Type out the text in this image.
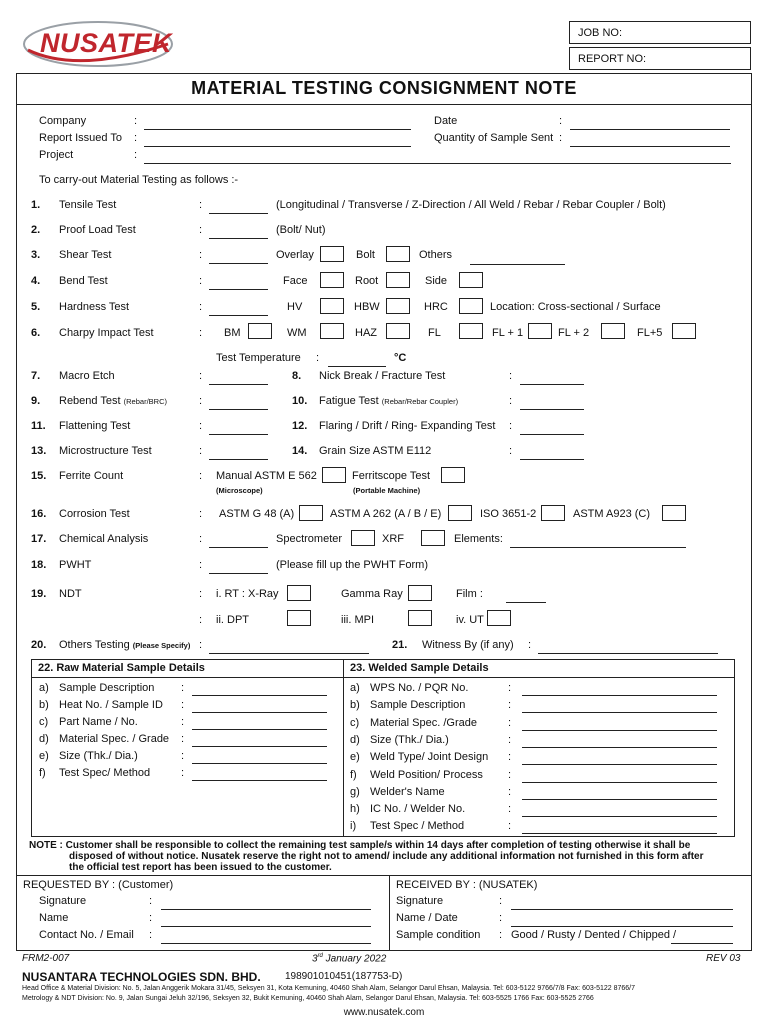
NUSATEK	JOB NO:
REPORT NO:
MATERIAL TESTING CONSIGNMENT NOTE
Company	:
Report Issued To :
Project	:
Date	:
Quantity of Sample Sent :
To carry-out Material Testing as follows :-
1. Tensile Test	:	(Longitudinal / Transverse / Z-Direction / All Weld / Rebar / Rebar Coupler / Bolt)
2. Proof Load Test	:	(Bolt/ Nut)
3. Shear Test	:	Overlay	Bolt	Others
4. Bend Test	:	Face	Root	Side
5. Hardness Test	:	HV	HBW	HRC	Location: Cross-sectional / Surface
6. Charpy Impact Test	: BM	WM	HAZ	FL	FL + 1	FL + 2	FL+5
Test Temperature :	°C
7. Macro Etch	:	8. Nick Break / Fracture Test	:
9. Rebend Test (Rebar/BRC)	:	10. Fatigue Test (Rebar/Rebar Coupler)	:
11. Flattening Test	:	12. Flaring / Drift / Ring- Expanding Test :
13. Microstructure Test	:	14. Grain Size ASTM E112	:
15. Ferrite Count	: Manual ASTM E 562
(Microscope)
Ferritscope Test
(Portable Machine)
16. Corrosion Test	: ASTM G 48 (A)	ASTM A 262 (A / B / E)	ISO 3651-2	ASTM A923 (C)
17. Chemical Analysis	:	Spectrometer	XRF	Elements:
18. PWHT	:	(Please fill up the PWHT Form)
19. NDT	: i. RT : X-Ray	Gamma Ray	Film :
: ii. DPT	iii. MPI	iv. UT
20. Others Testing (Please Specify) :	21. Witness By (if any) :
22. Raw Material Sample Details	23. Welded Sample Details
a) Sample Description :
b) Heat No. / Sample ID :
c) Part Name / No.	:
d) Material Spec. / Grade :
e) Size (Thk./ Dia.)	:
f) Test Spec/ Method	:
a) WPS No. / PQR No.	:
b) Sample Description	:
c) Material Spec. /Grade	:
d) Size (Thk./ Dia.)	:
e) Weld Type/ Joint Design :
f) Weld Position/ Process :
g) Welder's Name	:
h) IC No. / Welder No.	:
i) Test Spec / Method	:
NOTE : Customer shall be responsible to collect the remaining test sample/s within 14 days after completion of testing otherwise it shall be
disposed of without notice. Nusatek reserve the right not to amend/ include any additional information not furnished in this form after
the official test report has been issued to the customer.
REQUESTED BY : (Customer)
Signature	:
Name	:
Contact No. / Email :
RECEIVED BY : (NUSATEK)
Signature	:
Name / Date	:
Sample condition : Good / Rusty / Dented / Chipped /
FRM2-007	3rd January 2022	REV 03
NUSANTARA TECHNOLOGIES SDN. BHD. 198901010451(187753-D)
Head Office & Material Division: No. 5, Jalan Anggerik Mokara 31/45, Seksyen 31, Kota Kemuning, 40460 Shah Alam, Selangor Darul Ehsan, Malaysia. Tel: 603-5122 9766/7/8 Fax: 603-5122 8766/7
Metrology & NDT Division: No. 9, Jalan Sungai Jeluh 32/196, Seksyen 32, Bukit Kemuning, 40460 Shah Alam, Selangor Darul Ehsan, Malaysia. Tel: 603-5525 1766 Fax: 603-5525 2766
www.nusatek.com
